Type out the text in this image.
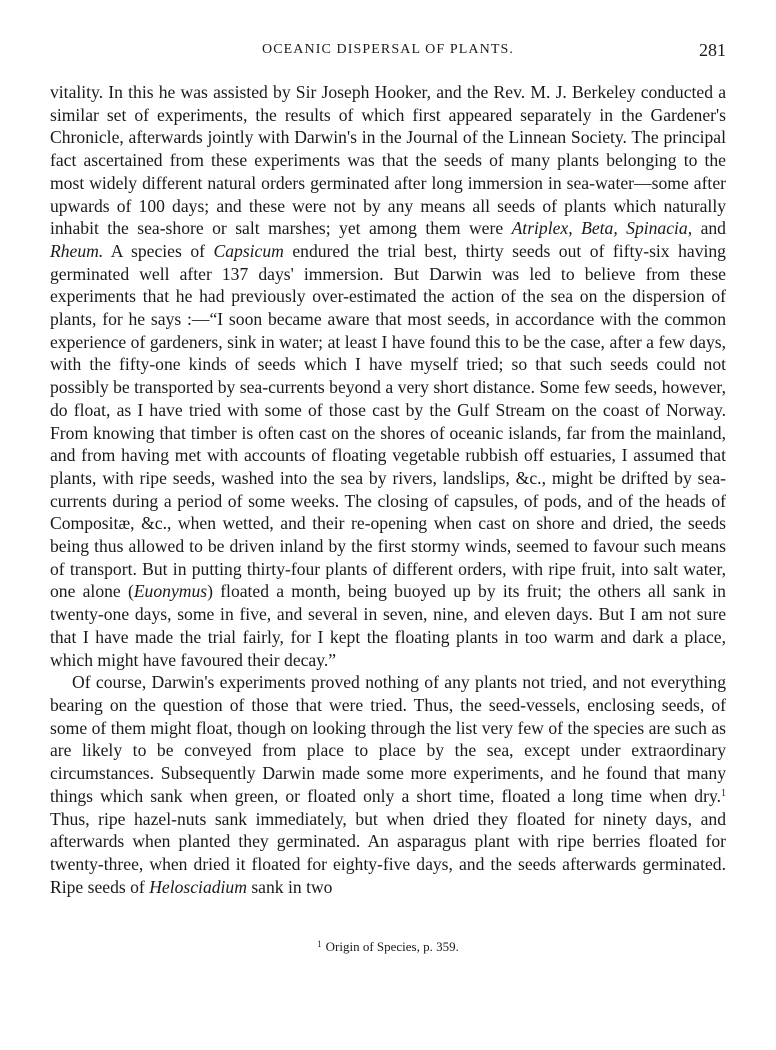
OCEANIC DISPERSAL OF PLANTS.	281

vitality. In this he was assisted by Sir Joseph Hooker, and the Rev. M. J. Berkeley conducted a similar set of experiments, the results of which first appeared separately in the Gardener's Chronicle, afterwards jointly with Darwin's in the Journal of the Linnean Society. The principal fact ascertained from these experiments was that the seeds of many plants belonging to the most widely different natural orders germinated after long immersion in sea-water—some after upwards of 100 days; and these were not by any means all seeds of plants which naturally inhabit the sea-shore or salt marshes; yet among them were Atriplex, Beta, Spinacia, and Rheum. A species of Capsicum endured the trial best, thirty seeds out of fifty-six having germinated well after 137 days' immersion. But Darwin was led to believe from these experiments that he had previously over-estimated the action of the sea on the dispersion of plants, for he says :—“I soon became aware that most seeds, in accordance with the common experience of gardeners, sink in water; at least I have found this to be the case, after a few days, with the fifty-one kinds of seeds which I have myself tried; so that such seeds could not possibly be transported by sea-currents beyond a very short distance. Some few seeds, however, do float, as I have tried with some of those cast by the Gulf Stream on the coast of Norway. From knowing that timber is often cast on the shores of oceanic islands, far from the mainland, and from having met with accounts of floating vegetable rubbish off estuaries, I assumed that plants, with ripe seeds, washed into the sea by rivers, landslips, &c., might be drifted by sea-currents during a period of some weeks. The closing of capsules, of pods, and of the heads of Compositæ, &c., when wetted, and their re-opening when cast on shore and dried, the seeds being thus allowed to be driven inland by the first stormy winds, seemed to favour such means of transport. But in putting thirty-four plants of different orders, with ripe fruit, into salt water, one alone (Euonymus) floated a month, being buoyed up by its fruit; the others all sank in twenty-one days, some in five, and several in seven, nine, and eleven days. But I am not sure that I have made the trial fairly, for I kept the floating plants in too warm and dark a place, which might have favoured their decay.”

Of course, Darwin's experiments proved nothing of any plants not tried, and not everything bearing on the question of those that were tried. Thus, the seed-vessels, enclosing seeds, of some of them might float, though on looking through the list very few of the species are such as are likely to be conveyed from place to place by the sea, except under extraordinary circumstances. Subsequently Darwin made some more experiments, and he found that many things which sank when green, or floated only a short time, floated a long time when dry.$^1$ Thus, ripe hazel-nuts sank immediately, but when dried they floated for ninety days, and afterwards when planted they germinated. An asparagus plant with ripe berries floated for twenty-three, when dried it floated for eighty-five days, and the seeds afterwards germinated. Ripe seeds of Helosciadium sank in two

$^1$ Origin of Species, p. 359.
